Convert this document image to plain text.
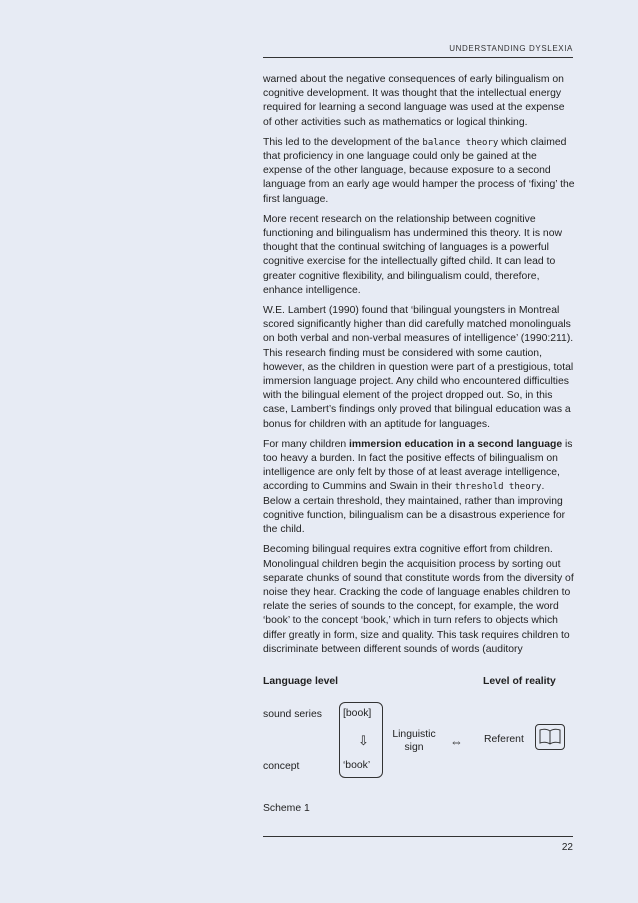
UNDERSTANDING DYSLEXIA

warned about the negative consequences of early bilingualism on cognitive development. It was thought that the intellectual energy required for learning a second language was used at the expense of other activities such as mathematics or logical thinking.

This led to the development of the balance theory which claimed that proficiency in one language could only be gained at the expense of the other language, because exposure to a second language from an early age would hamper the process of ‘fixing’ the first language.

More recent research on the relationship between cognitive functioning and bilingualism has undermined this theory. It is now thought that the continual switching of languages is a powerful cognitive exercise for the intellectually gifted child. It can lead to greater cognitive flexibility, and bilingualism could, therefore, enhance intelligence.

W.E. Lambert (1990) found that ‘bilingual youngsters in Montreal scored significantly higher than did carefully matched monolinguals on both verbal and non-verbal measures of intelligence’ (1990:211). This research finding must be considered with some caution, however, as the children in question were part of a prestigious, total immersion language project. Any child who encountered difficulties with the bilingual element of the project dropped out. So, in this case, Lambert’s findings only proved that bilingual education was a bonus for children with an aptitude for languages.

For many children immersion education in a second language is too heavy a burden. In fact the positive effects of bilingualism on intelligence are only felt by those of at least average intelligence, according to Cummins and Swain in their threshold theory. Below a certain threshold, they maintained, rather than improving cognitive function, bilingualism can be a disastrous experience for the child.

Becoming bilingual requires extra cognitive effort from children. Monolingual children begin the acquisition process by sorting out separate chunks of sound that constitute words from the diversity of noise they hear. Cracking the code of language enables children to relate the series of sounds to the concept, for example, the word ‘book’ to the concept ‘book,’ which in turn refers to objects which differ greatly in form, size and quality. This task requires children to discriminate between different sounds of words (auditory

Language level	Level of reality
sound series
concept
[book]
⇩
‘book’
Linguistic sign	⇔ Referent
Scheme 1
22
